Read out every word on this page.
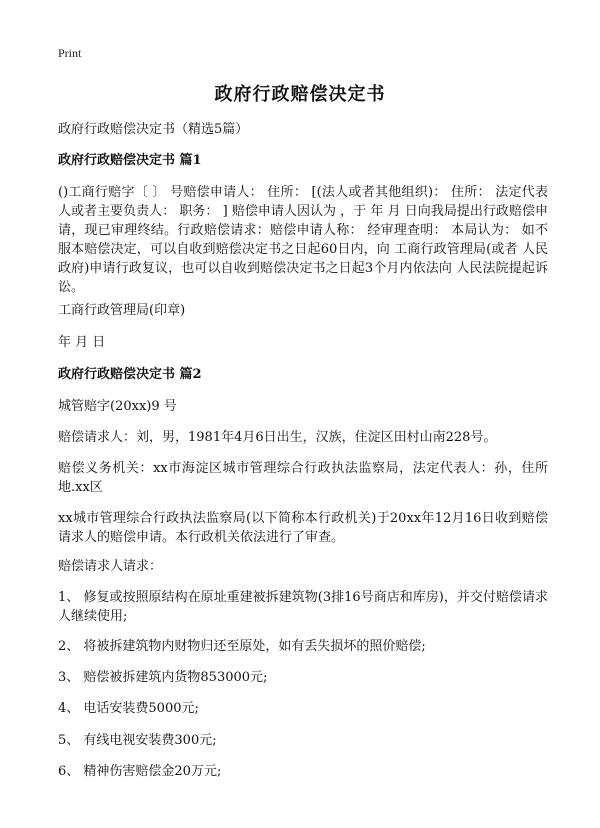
Print
政府行政赔偿决定书
政府行政赔偿决定书（精选5篇）
政府行政赔偿决定书 篇1
()工商行赔字〔 〕 号赔偿申请人： 住所： [(法人或者其他组织)： 住所： 法定代表人或者主要负责人： 职务： ] 赔偿申请人因认为 ，于 年 月 日向我局提出行政赔偿申请，现已审理终结。行政赔偿请求：赔偿申请人称： 经审理查明： 本局认为： 如不服本赔偿决定，可以自收到赔偿决定书之日起60日内，向 工商行政管理局(或者 人民政府)申请行政复议，也可以自收到赔偿决定书之日起3个月内依法向 人民法院提起诉讼。
工商行政管理局(印章)
年 月 日
政府行政赔偿决定书 篇2
城管赔字(20xx)9 号
赔偿请求人：刘，男，1981年4月6日出生，汉族，住淀区田村山南228号。
赔偿义务机关：xx市海淀区城市管理综合行政执法监察局，法定代表人：孙，住所地.xx区
xx城市管理综合行政执法监察局(以下简称本行政机关)于20xx年12月16日收到赔偿请求人的赔偿申请。本行政机关依法进行了审查。
赔偿请求人请求：
1、 修复或按照原结构在原址重建被拆建筑物(3排16号商店和库房)，并交付赔偿请求人继续使用;
2、 将被拆建筑物内财物归还至原处，如有丢失损坏的照价赔偿;
3、 赔偿被拆建筑内货物853000元;
4、 电话安装费5000元;
5、 有线电视安装费300元;
6、 精神伤害赔偿金20万元;
